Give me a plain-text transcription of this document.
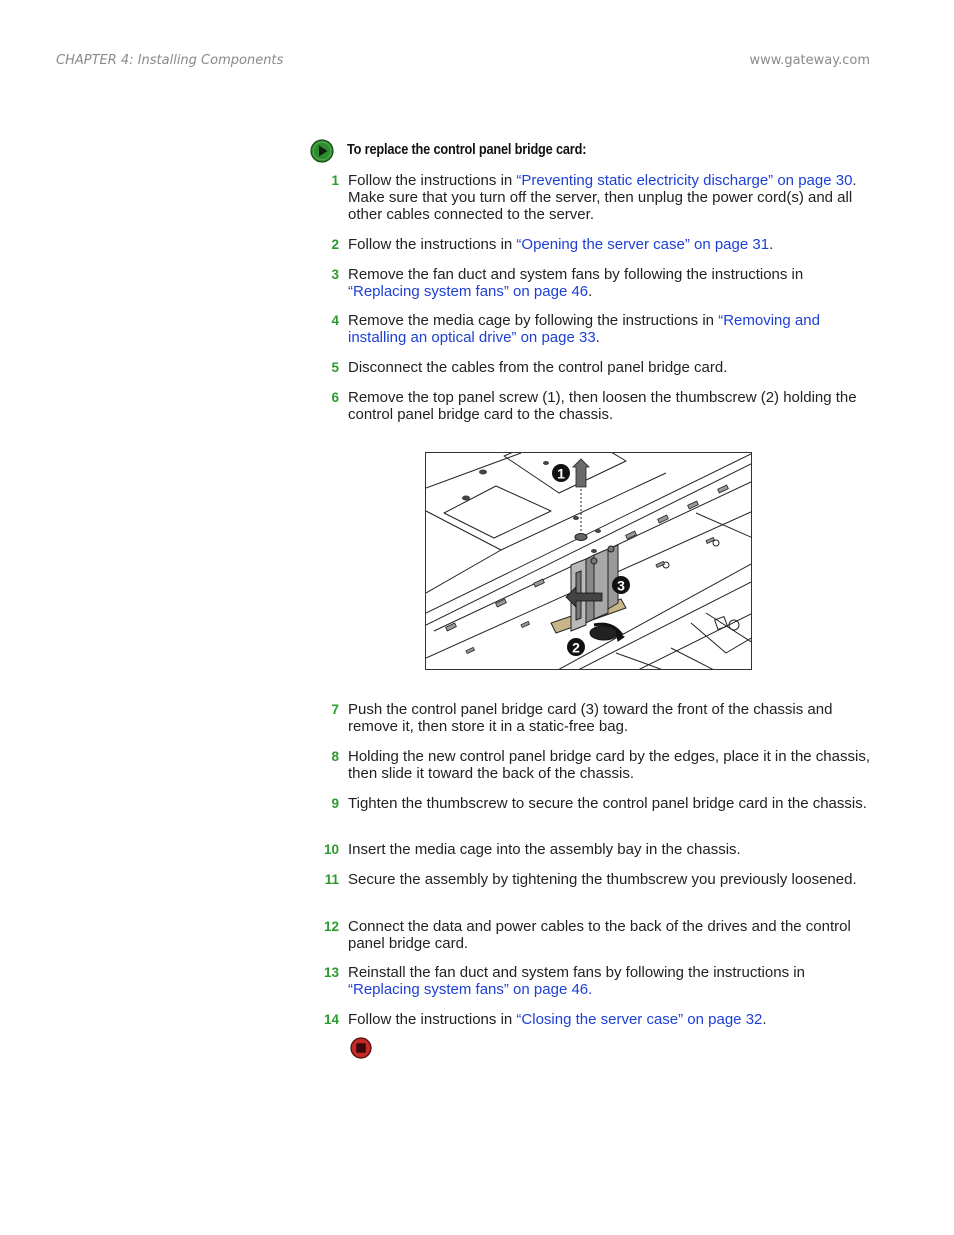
CHAPTER 4: Installing Components	www.gateway.com
To replace the control panel bridge card:
1 Follow the instructions in “Preventing static electricity discharge” on page 30. Make sure that you turn off the server, then unplug the power cord(s) and all other cables connected to the server.
2 Follow the instructions in “Opening the server case” on page 31.
3 Remove the fan duct and system fans by following the instructions in “Replacing system fans” on page 46.
4 Remove the media cage by following the instructions in “Removing and installing an optical drive” on page 33.
5 Disconnect the cables from the control panel bridge card.
6 Remove the top panel screw (1), then loosen the thumbscrew (2) holding the control panel bridge card to the chassis.
7 Push the control panel bridge card (3) toward the front of the chassis and remove it, then store it in a static-free bag.
8 Holding the new control panel bridge card by the edges, place it in the chassis, then slide it toward the back of the chassis.
9 Tighten the thumbscrew to secure the control panel bridge card in the chassis.
10 Insert the media cage into the assembly bay in the chassis.
11 Secure the assembly by tightening the thumbscrew you previously loosened.
12 Connect the data and power cables to the back of the drives and the control panel bridge card.
13 Reinstall the fan duct and system fans by following the instructions in “Replacing system fans” on page 46.
14 Follow the instructions in “Closing the server case” on page 32.
1
3
2
